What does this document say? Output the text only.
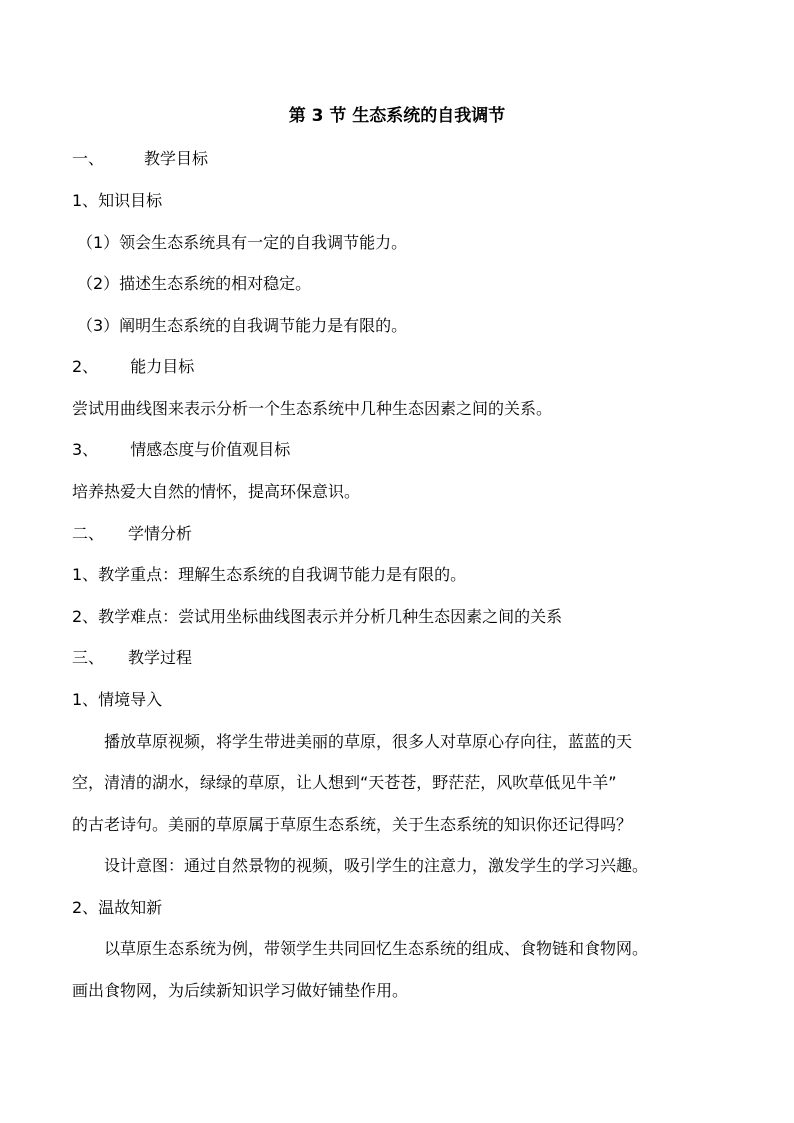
第 3 节 生态系统的自我调节
一、	教学目标
1、知识目标
（1）领会生态系统具有一定的自我调节能力。
（2）描述生态系统的相对稳定。
（3）阐明生态系统的自我调节能力是有限的。
2、 能力目标
尝试用曲线图来表示分析一个生态系统中几种生态因素之间的关系。
3、 情感态度与价值观目标
培养热爱大自然的情怀，提高环保意识。
二、 学情分析
1、教学重点：理解生态系统的自我调节能力是有限的。
2、教学难点：尝试用坐标曲线图表示并分析几种生态因素之间的关系
三、 教学过程
1、情境导入
播放草原视频，将学生带进美丽的草原，很多人对草原心存向往，蓝蓝的天
空，清清的湖水，绿绿的草原，让人想到“天苍苍，野茫茫，风吹草低见牛羊”
的古老诗句。美丽的草原属于草原生态系统，关于生态系统的知识你还记得吗？
设计意图：通过自然景物的视频，吸引学生的注意力，激发学生的学习兴趣。
2、温故知新
以草原生态系统为例，带领学生共同回忆生态系统的组成、食物链和食物网。
画出食物网，为后续新知识学习做好铺垫作用。
